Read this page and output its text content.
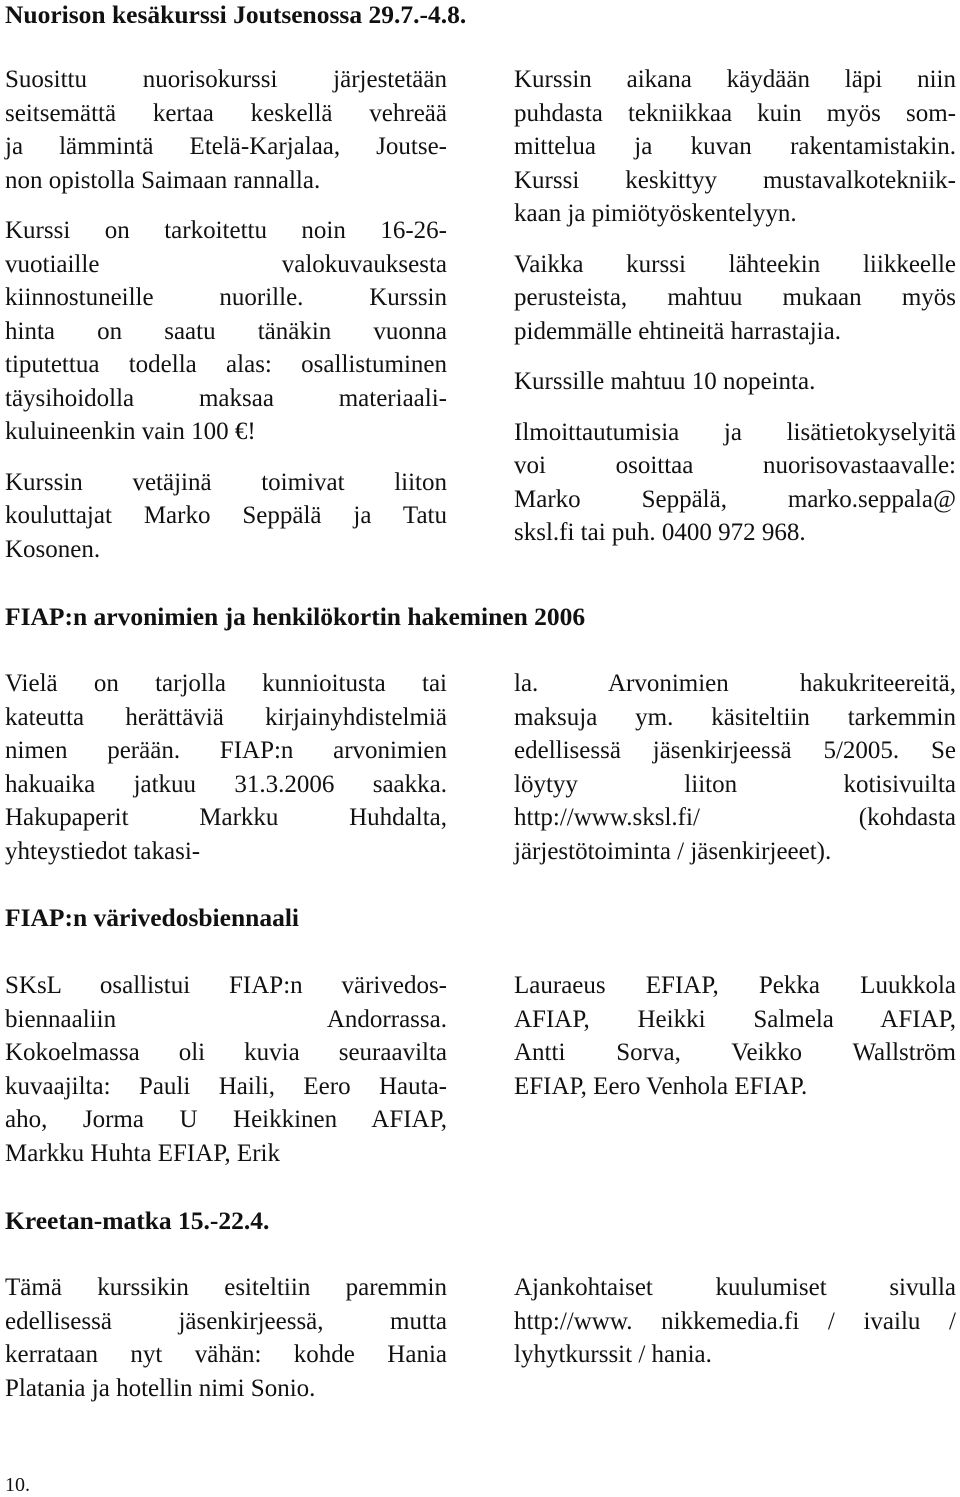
Nuorison kesäkurssi Joutsenossa 29.7.-4.8.

Suosittu nuorisokurssi järjestetään
seitsemättä kertaa keskellä vehreää
ja lämmintä Etelä-Karjalaa, Joutse-
non opistolla Saimaan rannalla.

Kurssi on tarkoitettu noin 16-26-
vuotiaille valokuvauksesta
kiinnostuneille nuorille. Kurssin
hinta on saatu tänäkin vuonna
tiputettua todella alas: osallistuminen
täysihoidolla maksaa materiaali-
kuluineenkin vain 100 €!

Kurssin vetäjinä toimivat liiton
kouluttajat Marko Seppälä ja Tatu
Kosonen.

Kurssin aikana käydään läpi niin
puhdasta tekniikkaa kuin myös som-
mittelua ja kuvan rakentamistakin.
Kurssi keskittyy mustavalkotekniik-
kaan ja pimiötyöskentelyyn.

Vaikka kurssi lähteekin liikkeelle
perusteista, mahtuu mukaan myös
pidemmälle ehtineitä harrastajia.

Kurssille mahtuu 10 nopeinta.

Ilmoittautumisia ja lisätietokyselyitä
voi osoittaa nuorisovastaavalle:
Marko Seppälä, marko.seppala@
sksl.fi tai puh. 0400 972 968.

FIAP:n arvonimien ja henkilökortin hakeminen 2006

Vielä on tarjolla kunnioitusta tai
kateutta herättäviä kirjainyhdistelmiä
nimen perään. FIAP:n arvonimien
hakuaika jatkuu 31.3.2006 saakka.
Hakupaperit Markku Huhdalta,
yhteystiedot takasi-

la. Arvonimien hakukriteereitä,
maksuja ym. käsiteltiin tarkemmin
edellisessä jäsenkirjeessä 5/2005. Se
löytyy liiton kotisivuilta
http://www.sksl.fi/ (kohdasta
järjestötoiminta / jäsenkirjeeet).

FIAP:n värivedosbiennaali

SKsL osallistui FIAP:n värivedos-
biennaaliin Andorrassa.
Kokoelmassa oli kuvia seuraavilta
kuvaajilta: Pauli Haili, Eero Hauta-
aho, Jorma U Heikkinen AFIAP,
Markku Huhta EFIAP, Erik

Lauraeus EFIAP, Pekka Luukkola
AFIAP, Heikki Salmela AFIAP,
Antti Sorva, Veikko Wallström
EFIAP, Eero Venhola EFIAP.

Kreetan-matka 15.-22.4.

Tämä kurssikin esiteltiin paremmin
edellisessä jäsenkirjeessä, mutta
kerrataan nyt vähän: kohde Hania
Platania ja hotellin nimi Sonio.

Ajankohtaiset kuulumiset sivulla
http://www. nikkemedia.fi / ivailu /
lyhytkurssit / hania.

10.
